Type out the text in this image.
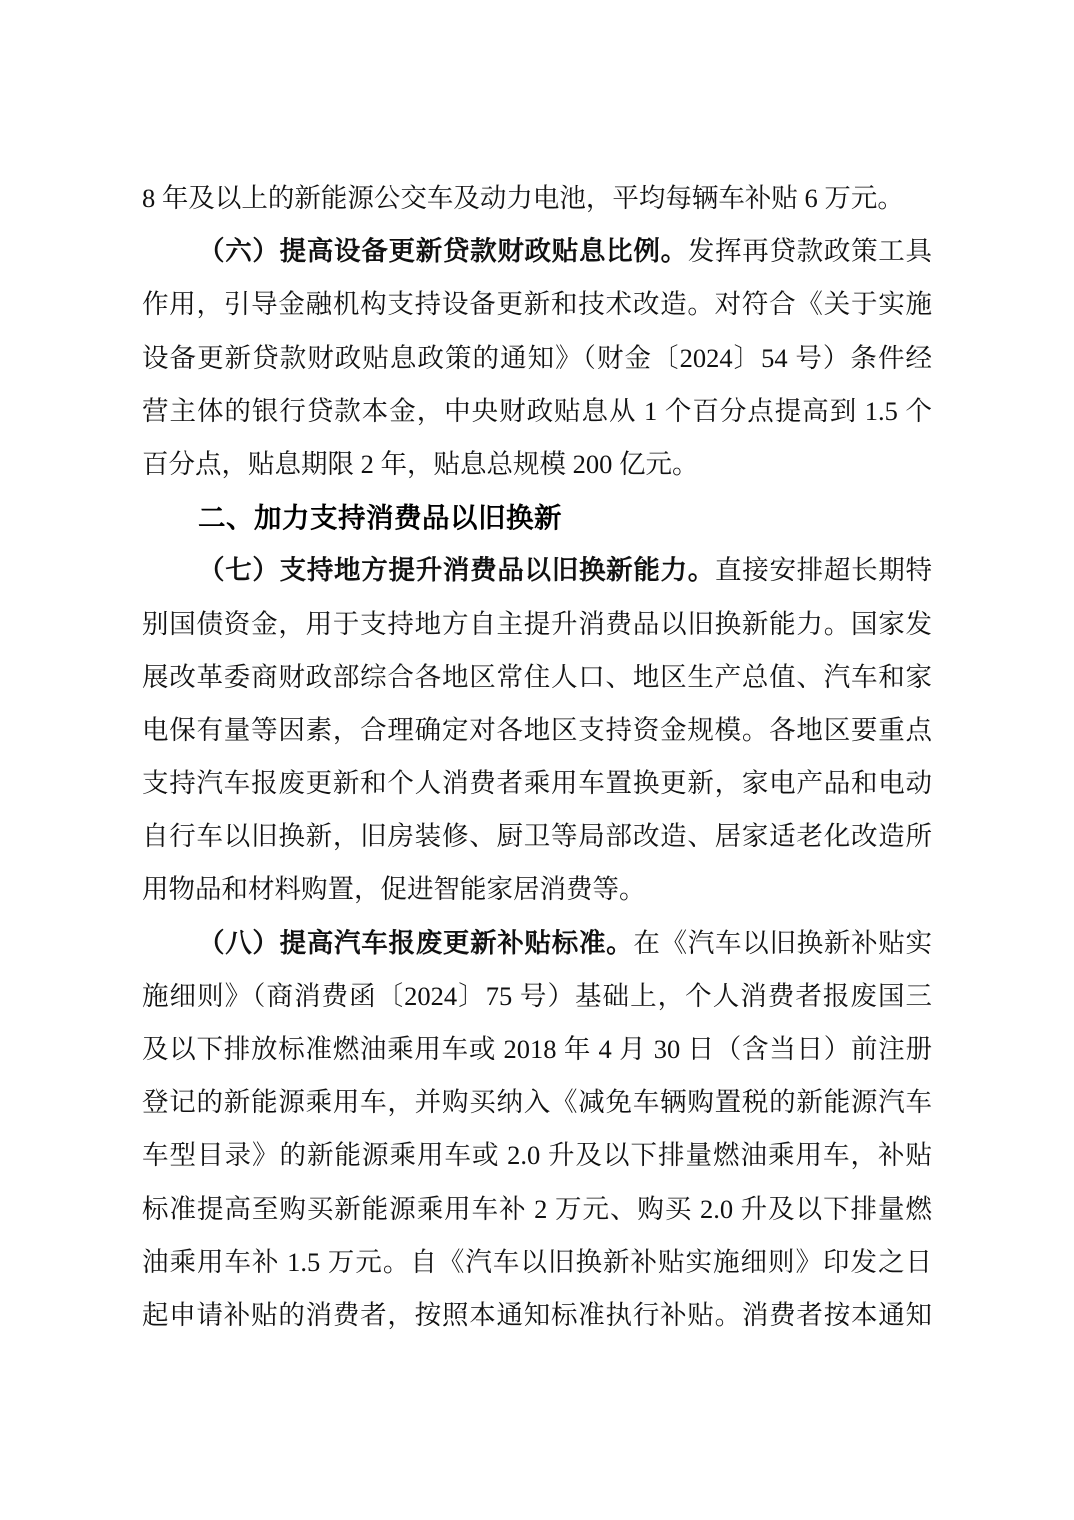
8 年及以上的新能源公交车及动力电池，平均每辆车补贴 6 万元。
（六）提高设备更新贷款财政贴息比例。发挥再贷款政策工具
作用，引导金融机构支持设备更新和技术改造。对符合《关于实施
设备更新贷款财政贴息政策的通知》（财金〔2024〕54 号）条件经
营主体的银行贷款本金，中央财政贴息从 1 个百分点提高到 1.5 个
百分点，贴息期限 2 年，贴息总规模 200 亿元。
二、加力支持消费品以旧换新
（七）支持地方提升消费品以旧换新能力。直接安排超长期特
别国债资金，用于支持地方自主提升消费品以旧换新能力。国家发
展改革委商财政部综合各地区常住人口、地区生产总值、汽车和家
电保有量等因素，合理确定对各地区支持资金规模。各地区要重点
支持汽车报废更新和个人消费者乘用车置换更新，家电产品和电动
自行车以旧换新，旧房装修、厨卫等局部改造、居家适老化改造所
用物品和材料购置，促进智能家居消费等。
（八）提高汽车报废更新补贴标准。在《汽车以旧换新补贴实
施细则》（商消费函〔2024〕75 号）基础上，个人消费者报废国三
及以下排放标准燃油乘用车或 2018 年 4 月 30 日（含当日）前注册
登记的新能源乘用车，并购买纳入《减免车辆购置税的新能源汽车
车型目录》的新能源乘用车或 2.0 升及以下排量燃油乘用车，补贴
标准提高至购买新能源乘用车补 2 万元、购买 2.0 升及以下排量燃
油乘用车补 1.5 万元。自《汽车以旧换新补贴实施细则》印发之日
起申请补贴的消费者，按照本通知标准执行补贴。消费者按本通知
